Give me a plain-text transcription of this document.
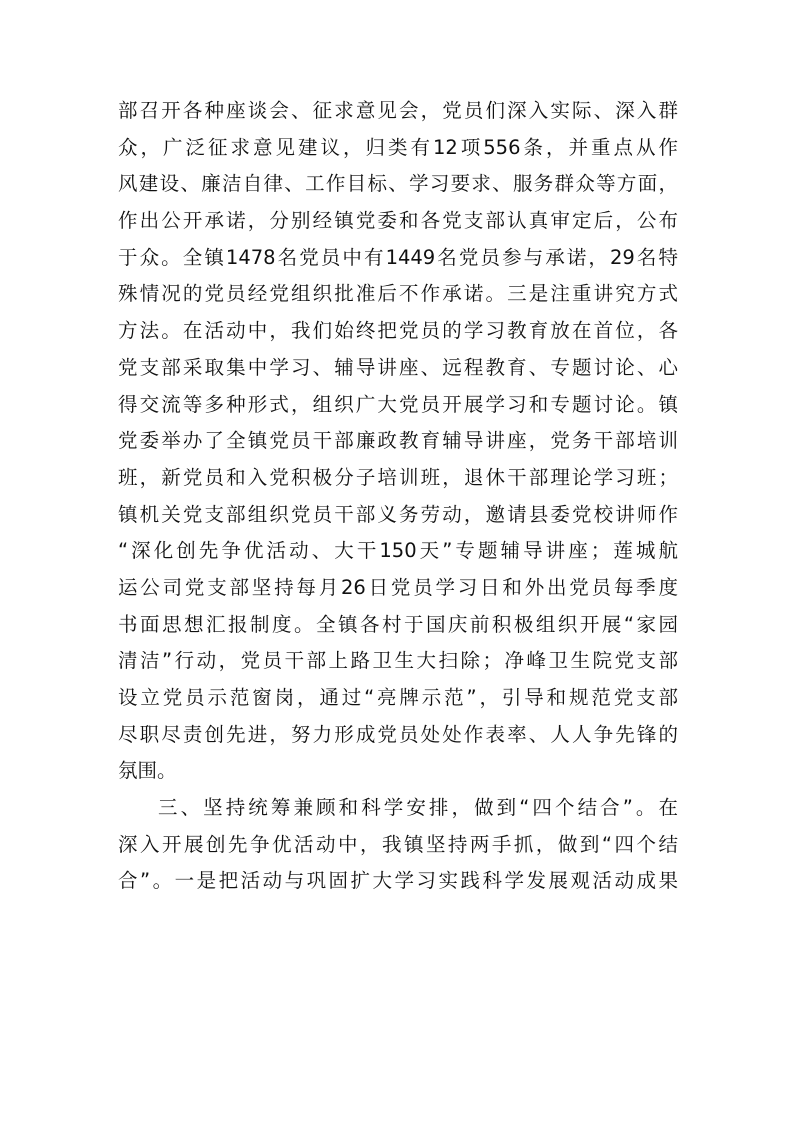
部召开各种座谈会、征求意见会，党员们深入实际、深入群
众，广泛征求意见建议，归类有12项556条，并重点从作
风建设、廉洁自律、工作目标、学习要求、服务群众等方面，
作出公开承诺，分别经镇党委和各党支部认真审定后，公布
于众。全镇1478名党员中有1449名党员参与承诺，29名特
殊情况的党员经党组织批准后不作承诺。三是注重讲究方式
方法。在活动中，我们始终把党员的学习教育放在首位，各
党支部采取集中学习、辅导讲座、远程教育、专题讨论、心
得交流等多种形式，组织广大党员开展学习和专题讨论。镇
党委举办了全镇党员干部廉政教育辅导讲座，党务干部培训
班，新党员和入党积极分子培训班，退休干部理论学习班；
镇机关党支部组织党员干部义务劳动，邀请县委党校讲师作
“深化创先争优活动、大干150天”专题辅导讲座；莲城航
运公司党支部坚持每月26日党员学习日和外出党员每季度
书面思想汇报制度。全镇各村于国庆前积极组织开展“家园
清洁”行动，党员干部上路卫生大扫除；净峰卫生院党支部
设立党员示范窗岗，通过“亮牌示范”，引导和规范党支部
尽职尽责创先进，努力形成党员处处作表率、人人争先锋的
氛围。
三、坚持统筹兼顾和科学安排，做到“四个结合”。在
深入开展创先争优活动中，我镇坚持两手抓，做到“四个结
合”。一是把活动与巩固扩大学习实践科学发展观活动成果
